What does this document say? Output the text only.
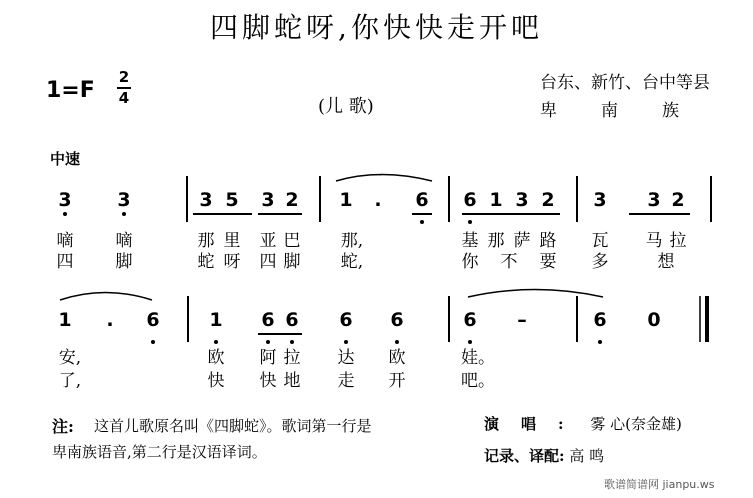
四脚蛇呀,你快快走开吧
1=F
2
4	(儿 歌)
台东、新竹、台中等县
卑南族
中速
3 3	3 5 3 2 1 . 6 6 1 3 2 3 3 2
嘀 嘀	那 里 亚 巴 那,	基 那 萨 路 瓦 马 拉
四 脚	蛇 呀 四 脚 蛇,	你 不 要 多	想
1 . 6	1 6 6 6 6	6 –	6 0
安,	欧 阿 拉 达 欧	娃。
了,	快 快 地 走 开	吧。
注: 这首儿歌原名叫《四脚蛇》。歌词第一行是
卑南族语音,第二行是汉语译词。
演唱: 雾 心(奈金雄)
记录、译配: 高 鸣
歌谱简谱网 jianpu.ws
